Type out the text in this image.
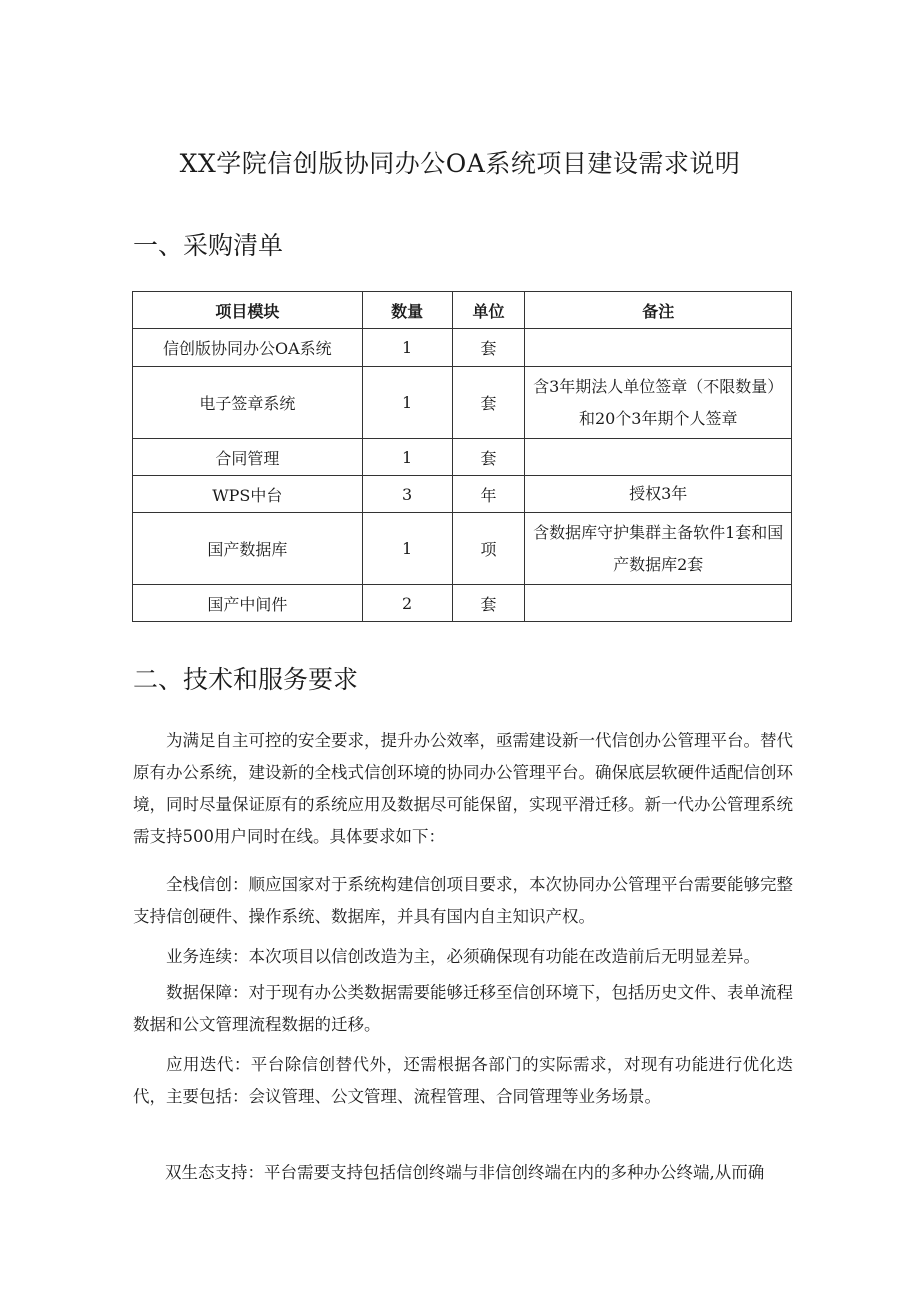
XX学院信创版协同办公OA系统项目建设需求说明
一、采购清单
项目模块	数量	单位	备注
信创版协同办公OA系统	1	套	
电子签章系统	1	套	含3年期法人单位签章（不限数量）和20个3年期个人签章
合同管理	1	套	
WPS中台	3	年	授权3年
国产数据库	1	项	含数据库守护集群主备软件1套和国产数据库2套
国产中间件	2	套	
二、技术和服务要求

为满足自主可控的安全要求，提升办公效率，亟需建设新一代信创办公管理平台。替代原有办公系统，建设新的全栈式信创环境的协同办公管理平台。确保底层软硬件适配信创环境，同时尽量保证原有的系统应用及数据尽可能保留，实现平滑迁移。新一代办公管理系统需支持500用户同时在线。具体要求如下：

全栈信创：顺应国家对于系统构建信创项目要求，本次协同办公管理平台需要能够完整支持信创硬件、操作系统、数据库，并具有国内自主知识产权。

业务连续：本次项目以信创改造为主，必须确保现有功能在改造前后无明显差异。

数据保障：对于现有办公类数据需要能够迁移至信创环境下，包括历史文件、表单流程数据和公文管理流程数据的迁移。

应用迭代：平台除信创替代外，还需根据各部门的实际需求，对现有功能进行优化迭代，主要包括：会议管理、公文管理、流程管理、合同管理等业务场景。

双生态支持：平台需要支持包括信创终端与非信创终端在内的多种办公终端,从而确
